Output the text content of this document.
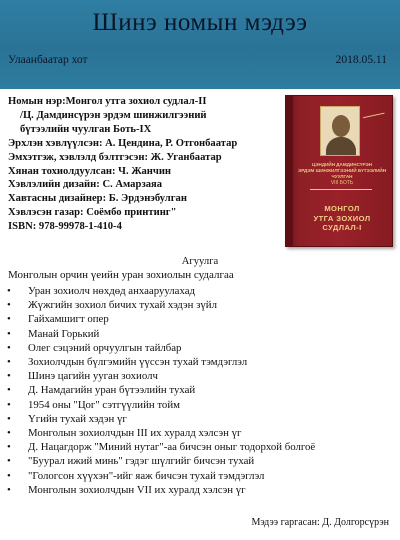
Шинэ номын мэдээ
Улаанбаатар хот	2018.05.11
Номын нэр:Монгол утга зохиол судлал-II
/Ц. Дамдинсүрэн эрдэм шинжилгээний
бүтээлийн чуулган Боть-IX
Эрхлэн хэвлүүлсэн: А. Цендина, Р. Отгонбаатар
Эмхэтгэж, хэвлэлд бэлтгэсэн: Ж. Уганбаатар
Хянан тохиолдуулсан: Ч. Жанчин
Хэвлэлийн дизайн: С. Амарзаяа
Хавтасны дизайнер: Б. Эрдэнэбулган
Хэвлэсэн газар: Соёмбо принтинг"
ISBN: 978-99978-1-410-4
ЦЭНДИЙН ДАМДИНСҮРЭН
ЭРДЭМ ШИНЖИЛГЭЭНИЙ БҮТЭЭЛИЙН ЧУУЛГАН
VIII БОТЬ
МОНГОЛ
УТГА ЗОХИОЛ СУДЛАЛ-I
Агуулга
Монголын орчин үеийн уран зохиолын судалгаа
•	Уран зохиолч нөхдөд анхааруулахад
•	Жүжгийн зохиол бичих тухай хэдэн зүйл
•	Гайхамшигт опер
•	Манай Горький
•	Олег сэцэний орчуулгын тайлбар
•	Зохиолчдын бүлгэмийн үүссэн тухай тэмдэглэл
•	Шинэ цагийн ууган зохиолч
•	Д. Намдагийн уран бүтээлийн тухай
•	1954 оны "Цог" сэтгүүлийн тойм
•	Үгийн тухай хэдэн үг
•	Монголын зохиолчдын III их хуралд хэлсэн үг
•	Д. Нацагдорж "Миний нутаг"-аа бичсэн оныг тодорхой болгоё
•	"Буурал ижий минь" гэдэг шүлгийг бичсэн тухай
•	"Гологсон хүүхэн"-ийг яаж бичсэн тухай тэмдэглэл
•	Монголын зохиолчдын VII их хуралд хэлсэн үг
Мэдээ гаргасан: Д. Долгорсүрэн
